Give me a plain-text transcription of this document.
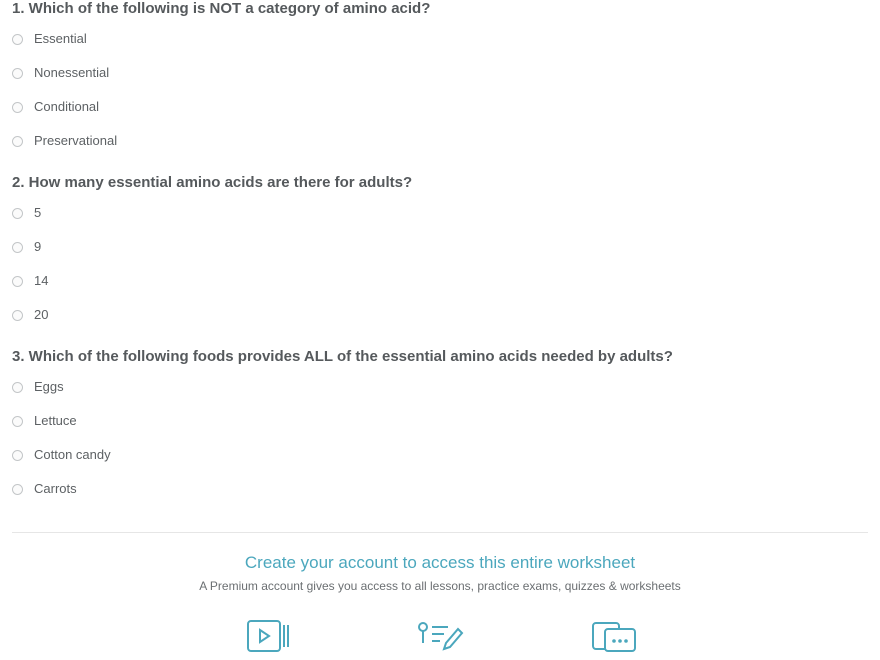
1. Which of the following is NOT a category of amino acid?

Essential
Nonessential
Conditional
Preservational

2. How many essential amino acids are there for adults?

5
9
14
20

3. Which of the following foods provides ALL of the essential amino acids needed by adults?

Eggs
Lettuce
Cotton candy
Carrots

Create your account to access this entire worksheet

A Premium account gives you access to all lessons, practice exams, quizzes & worksheets
